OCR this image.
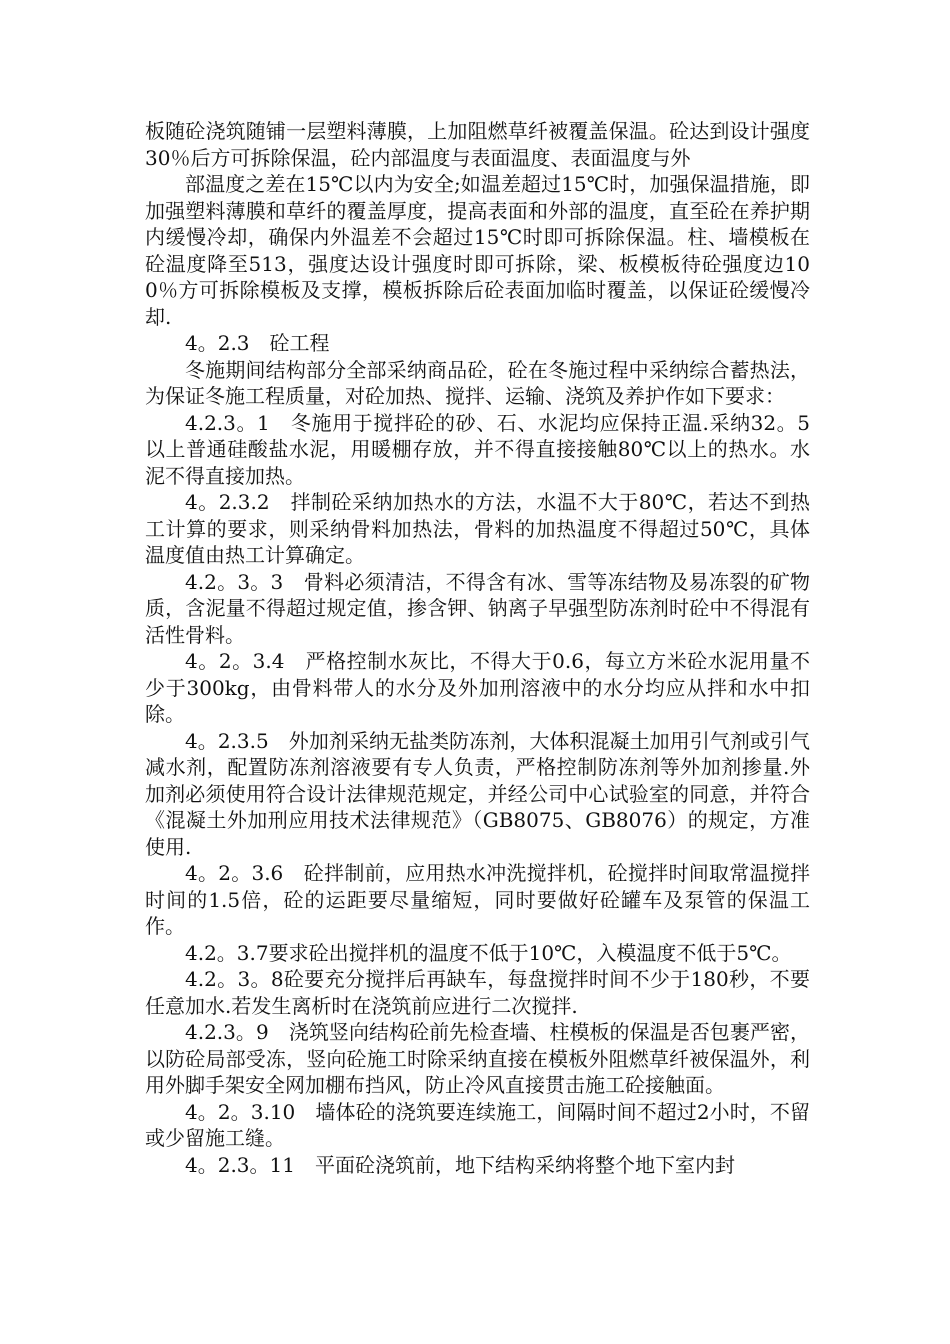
板随砼浇筑随铺一层塑料薄膜，上加阻燃草纤被覆盖保温。砼达到设计强度30％后方可拆除保温，砼内部温度与表面温度、表面温度与外

部温度之差在15℃以内为安全;如温差超过15℃时，加强保温措施，即加强塑料薄膜和草纤的覆盖厚度，提高表面和外部的温度，直至砼在养护期内缓慢冷却，确保内外温差不会超过15℃时即可拆除保温。柱、墙模板在砼温度降至513，强度达设计强度时即可拆除，梁、板模板待砼强度边100％方可拆除模板及支撑，模板拆除后砼表面加临时覆盖，以保证砼缓慢冷却.

4。2.3　砼工程

冬施期间结构部分全部采纳商品砼，砼在冬施过程中采纳综合蓄热法，为保证冬施工程质量，对砼加热、搅拌、运输、浇筑及养护作如下要求：

4.2.3。1　冬施用于搅拌砼的砂、石、水泥均应保持正温.采纳32。5以上普通硅酸盐水泥，用暖棚存放，并不得直接接触80℃以上的热水。水泥不得直接加热。

4。2.3.2　拌制砼采纳加热水的方法，水温不大于80℃，若达不到热工计算的要求，则采纳骨料加热法，骨料的加热温度不得超过50℃，具体温度值由热工计算确定。

4.2。3。3　骨料必须清洁，不得含有冰、雪等冻结物及易冻裂的矿物质，含泥量不得超过规定值，掺含钾、钠离子早强型防冻剂时砼中不得混有活性骨料。

4。2。3.4　严格控制水灰比，不得大于0.6，每立方米砼水泥用量不少于300kg，由骨料带人的水分及外加刑溶液中的水分均应从拌和水中扣除。

4。2.3.5　外加剂采纳无盐类防冻剂，大体积混凝土加用引气剂或引气减水剂，配置防冻剂溶液要有专人负责，严格控制防冻剂等外加剂掺量.外加剂必须使用符合设计法律规范规定，并经公司中心试验室的同意，并符合《混凝土外加刑应用技术法律规范》（GB8075、GB8076）的规定，方准使用.

4。2。3.6　砼拌制前，应用热水冲洗搅拌机，砼搅拌时间取常温搅拌时间的1.5倍，砼的运距要尽量缩短，同时要做好砼罐车及泵管的保温工作。

4.2。3.7要求砼出搅拌机的温度不低于10℃，入模温度不低于5℃。

4.2。3。8砼要充分搅拌后再缺车，每盘搅拌时间不少于180秒，不要任意加水.若发生离析时在浇筑前应进行二次搅拌.

4.2.3。9　浇筑竖向结构砼前先检查墙、柱模板的保温是否包裹严密，以防砼局部受冻，竖向砼施工时除采纳直接在模板外阻燃草纤被保温外，利用外脚手架安全网加棚布挡风，防止冷风直接贯击施工砼接触面。

4。2。3.10　墙体砼的浇筑要连续施工，间隔时间不超过2小时，不留或少留施工缝。

4。2.3。11　平面砼浇筑前，地下结构采纳将整个地下室内封
